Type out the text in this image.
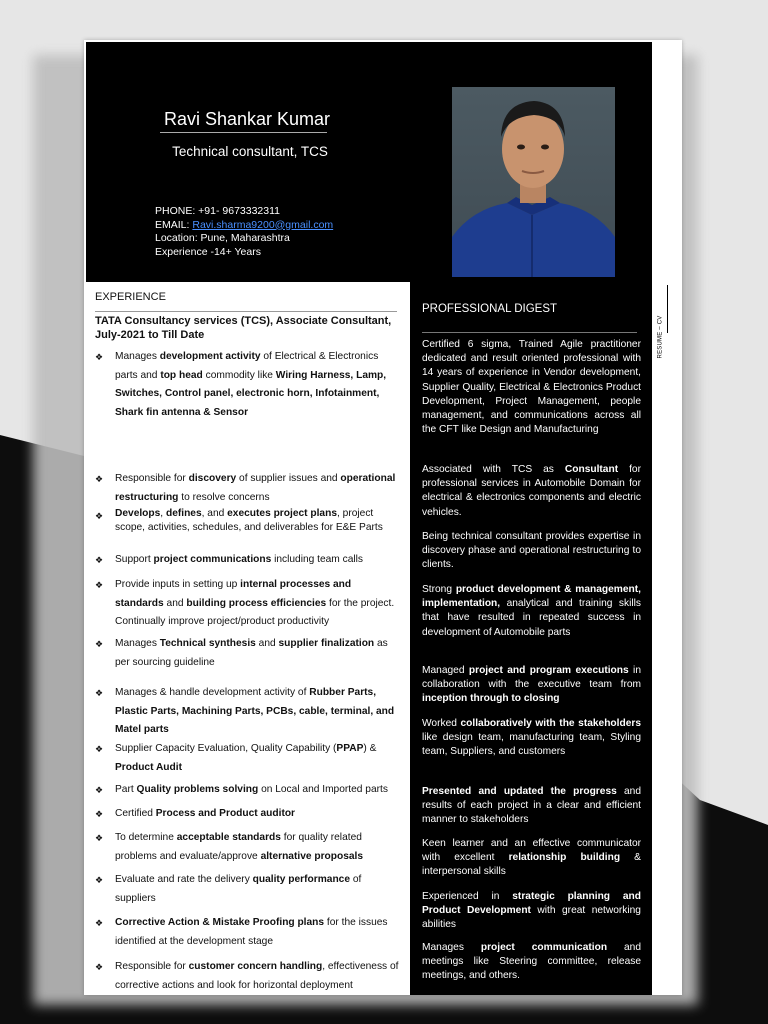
Ravi Shankar Kumar
Technical consultant, TCS
PHONE: +91- 9673332311
EMAIL: Ravi.sharma9200@gmail.com
Location: Pune, Maharashtra
Experience -14+ Years
EXPERIENCE
TATA Consultancy services (TCS), Associate Consultant, July-2021 to Till Date
❖	Manages development activity of Electrical & Electronics parts and top head commodity like Wiring Harness, Lamp, Switches, Control panel, electronic horn, Infotainment, Shark fin antenna & Sensor
❖	Responsible for discovery of supplier issues and operational restructuring to resolve concerns
❖	Develops, defines, and executes project plans, project scope, activities, schedules, and deliverables for E&E Parts
❖	Support project communications including team calls
❖	Provide inputs in setting up internal processes and standards and building process efficiencies for the project. Continually improve project/product productivity
❖	Manages Technical synthesis and supplier finalization as per sourcing guideline
❖	Manages & handle development activity of Rubber Parts, Plastic Parts, Machining Parts, PCBs, cable, terminal, and Matel parts
❖	Supplier Capacity Evaluation, Quality Capability (PPAP) & Product Audit
❖	Part Quality problems solving on Local and Imported parts
❖	Certified Process and Product auditor
❖	To determine acceptable standards for quality related problems and evaluate/approve alternative proposals
❖	Evaluate and rate the delivery quality performance of suppliers
❖	Corrective Action & Mistake Proofing plans for the issues identified at the development stage
❖	Responsible for customer concern handling, effectiveness of corrective actions and look for horizontal deployment
PROFESSIONAL DIGEST
Certified 6 sigma, Trained Agile practitioner dedicated and result oriented professional with 14 years of experience in Vendor development, Supplier Quality, Electrical & Electronics Product Development, Project Management, people management, and communications across all the CFT like Design and Manufacturing
Associated with TCS as Consultant for professional services in Automobile Domain for electrical & electronics components and electric vehicles.
Being technical consultant provides expertise in discovery phase and operational restructuring to clients.
Strong product development & management, implementation, analytical and training skills that have resulted in repeated success in development of Automobile parts
Managed project and program executions in collaboration with the executive team from inception through to closing
Worked collaboratively with the stakeholders like design team, manufacturing team, Styling team, Suppliers, and customers
Presented and updated the progress and results of each project in a clear and efficient manner to stakeholders
Keen learner and an effective communicator with excellent relationship building & interpersonal skills
Experienced in strategic planning and Product Development with great networking abilities
Manages project communication and meetings like Steering committee, release meetings, and others.
RESUME – CV
